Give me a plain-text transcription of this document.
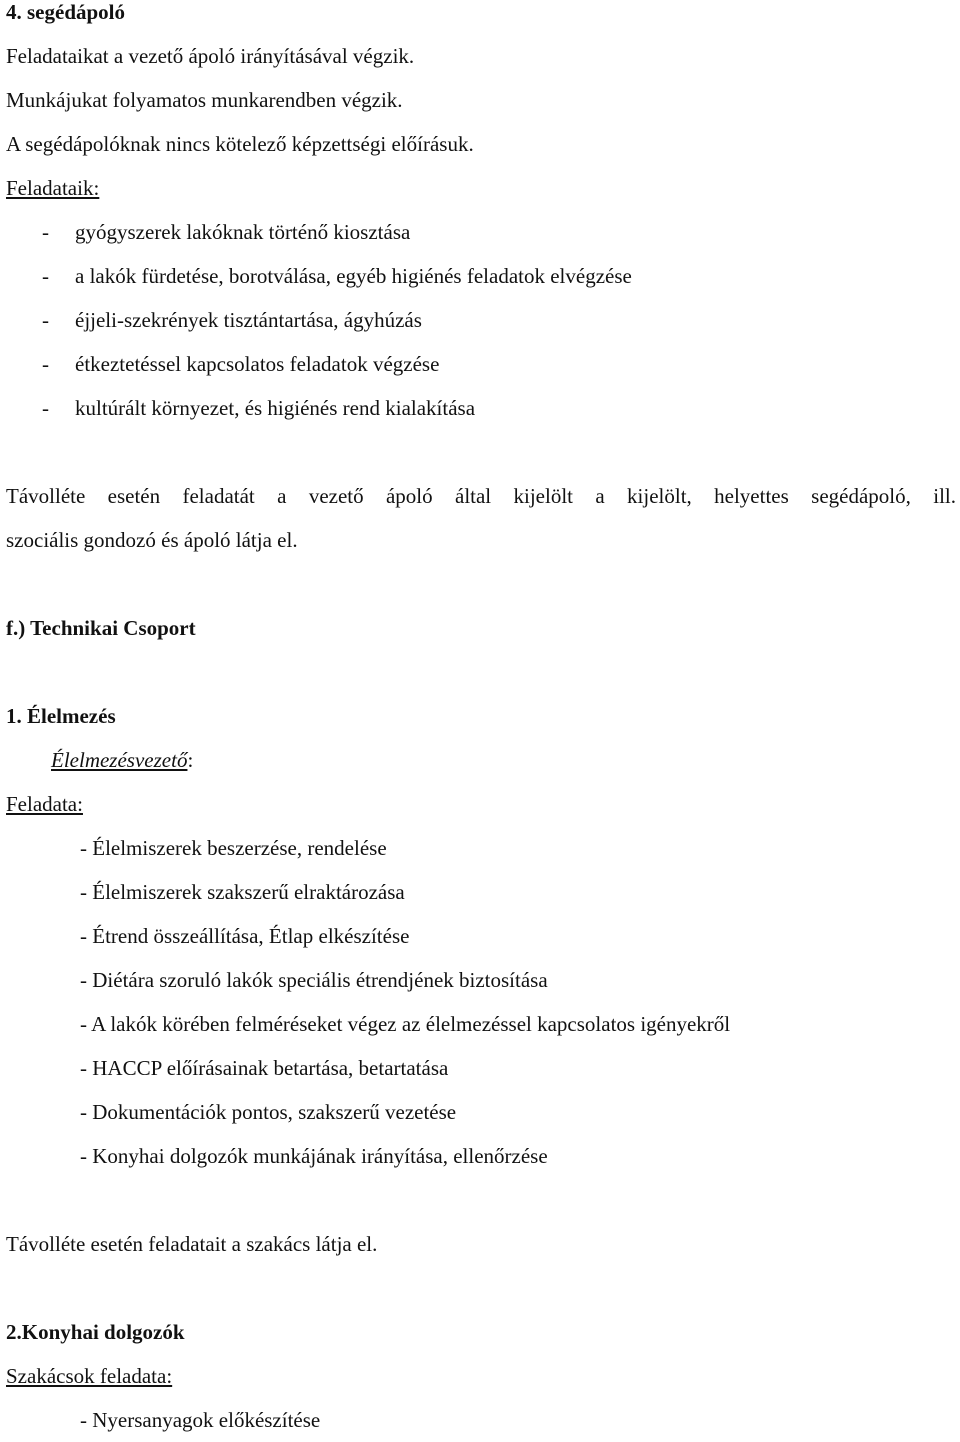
4. segédápoló

Feladataikat a vezető ápoló irányításával végzik.

Munkájukat folyamatos munkarendben végzik.

A segédápolóknak nincs kötelező képzettségi előírásuk.

Feladataik:

- gyógyszerek lakóknak történő kiosztása

- a lakók fürdetése, borotválása, egyéb higiénés feladatok elvégzése

- éjjeli-szekrények tisztántartása, ágyhúzás

- étkeztetéssel kapcsolatos feladatok végzése

- kultúrált környezet, és higiénés rend kialakítása

Távolléte esetén feladatát a vezető ápoló által kijelölt a kijelölt, helyettes segédápoló, ill.

szociális gondozó és ápoló látja el.

f.) Technikai Csoport

1. Élelmezés

Élelmezésvezető:

Feladata:

- Élelmiszerek beszerzése, rendelése

- Élelmiszerek szakszerű elraktározása

- Étrend összeállítása, Étlap elkészítése

- Diétára szoruló lakók speciális étrendjének biztosítása

- A lakók körében felméréseket végez az élelmezéssel kapcsolatos igényekről

- HACCP előírásainak betartása, betartatása

- Dokumentációk pontos, szakszerű vezetése

- Konyhai dolgozók munkájának irányítása, ellenőrzése

Távolléte esetén feladatait a szakács látja el.

2.Konyhai dolgozók

Szakácsok feladata:

- Nyersanyagok előkészítése
